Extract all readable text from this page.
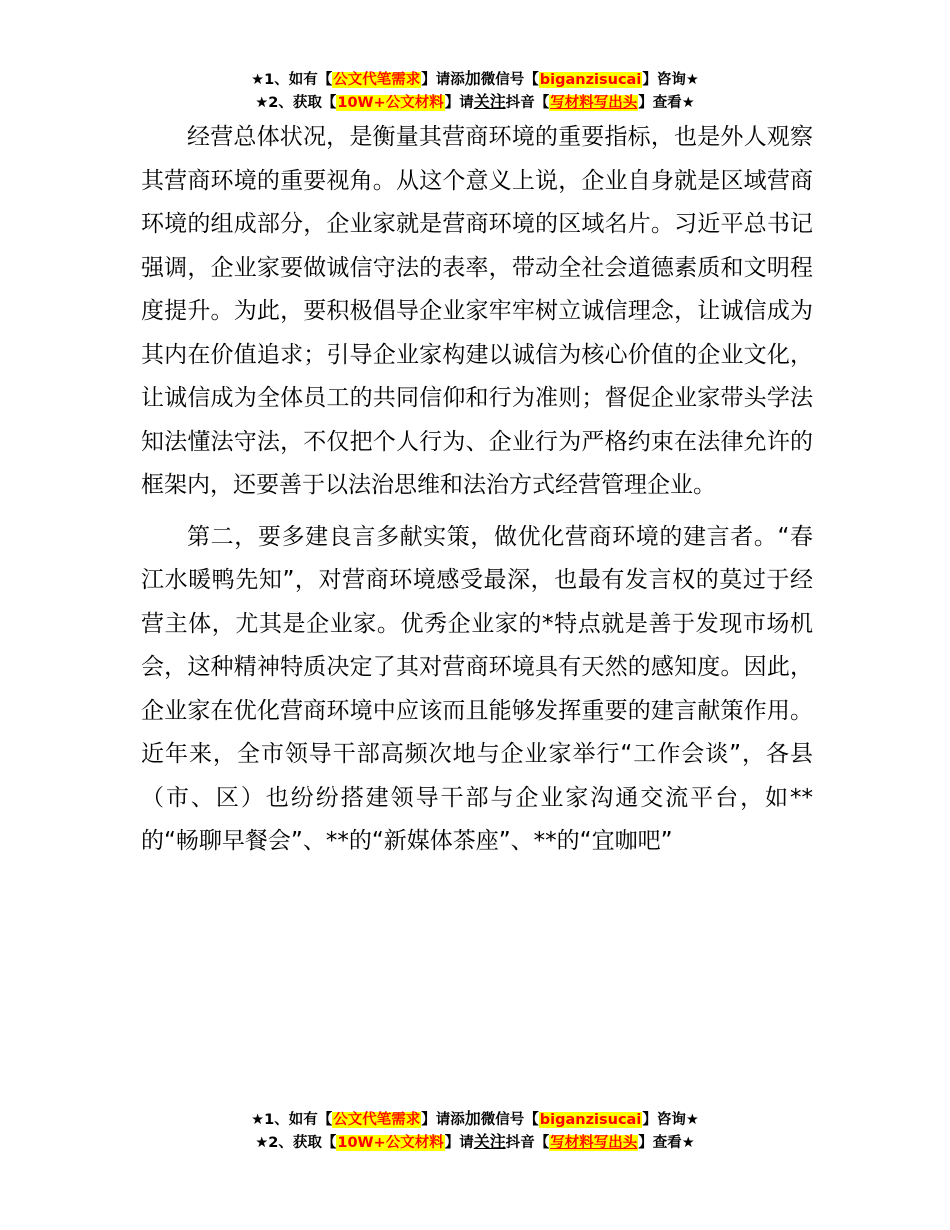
★1、如有【公文代笔需求】请添加微信号【biganzisucai】咨询★
★2、获取【10W+公文材料】请关注抖音【写材料写出头】查看★

经营总体状况，是衡量其营商环境的重要指标，也是外人观察其营商环境的重要视角。从这个意义上说，企业自身就是区域营商环境的组成部分，企业家就是营商环境的区域名片。习近平总书记强调，企业家要做诚信守法的表率，带动全社会道德素质和文明程度提升。为此，要积极倡导企业家牢牢树立诚信理念，让诚信成为其内在价值追求；引导企业家构建以诚信为核心价值的企业文化，让诚信成为全体员工的共同信仰和行为准则；督促企业家带头学法知法懂法守法，不仅把个人行为、企业行为严格约束在法律允许的框架内，还要善于以法治思维和法治方式经营管理企业。

第二，要多建良言多献实策，做优化营商环境的建言者。“春江水暖鸭先知”，对营商环境感受最深，也最有发言权的莫过于经营主体，尤其是企业家。优秀企业家的*特点就是善于发现市场机会，这种精神特质决定了其对营商环境具有天然的感知度。因此，企业家在优化营商环境中应该而且能够发挥重要的建言献策作用。近年来，全市领导干部高频次地与企业家举行“工作会谈”，各县（市、区）也纷纷搭建领导干部与企业家沟通交流平台，如**的“畅聊早餐会”、**的“新媒体茶座”、**的“宜咖吧”

★1、如有【公文代笔需求】请添加微信号【biganzisucai】咨询★
★2、获取【10W+公文材料】请关注抖音【写材料写出头】查看★
